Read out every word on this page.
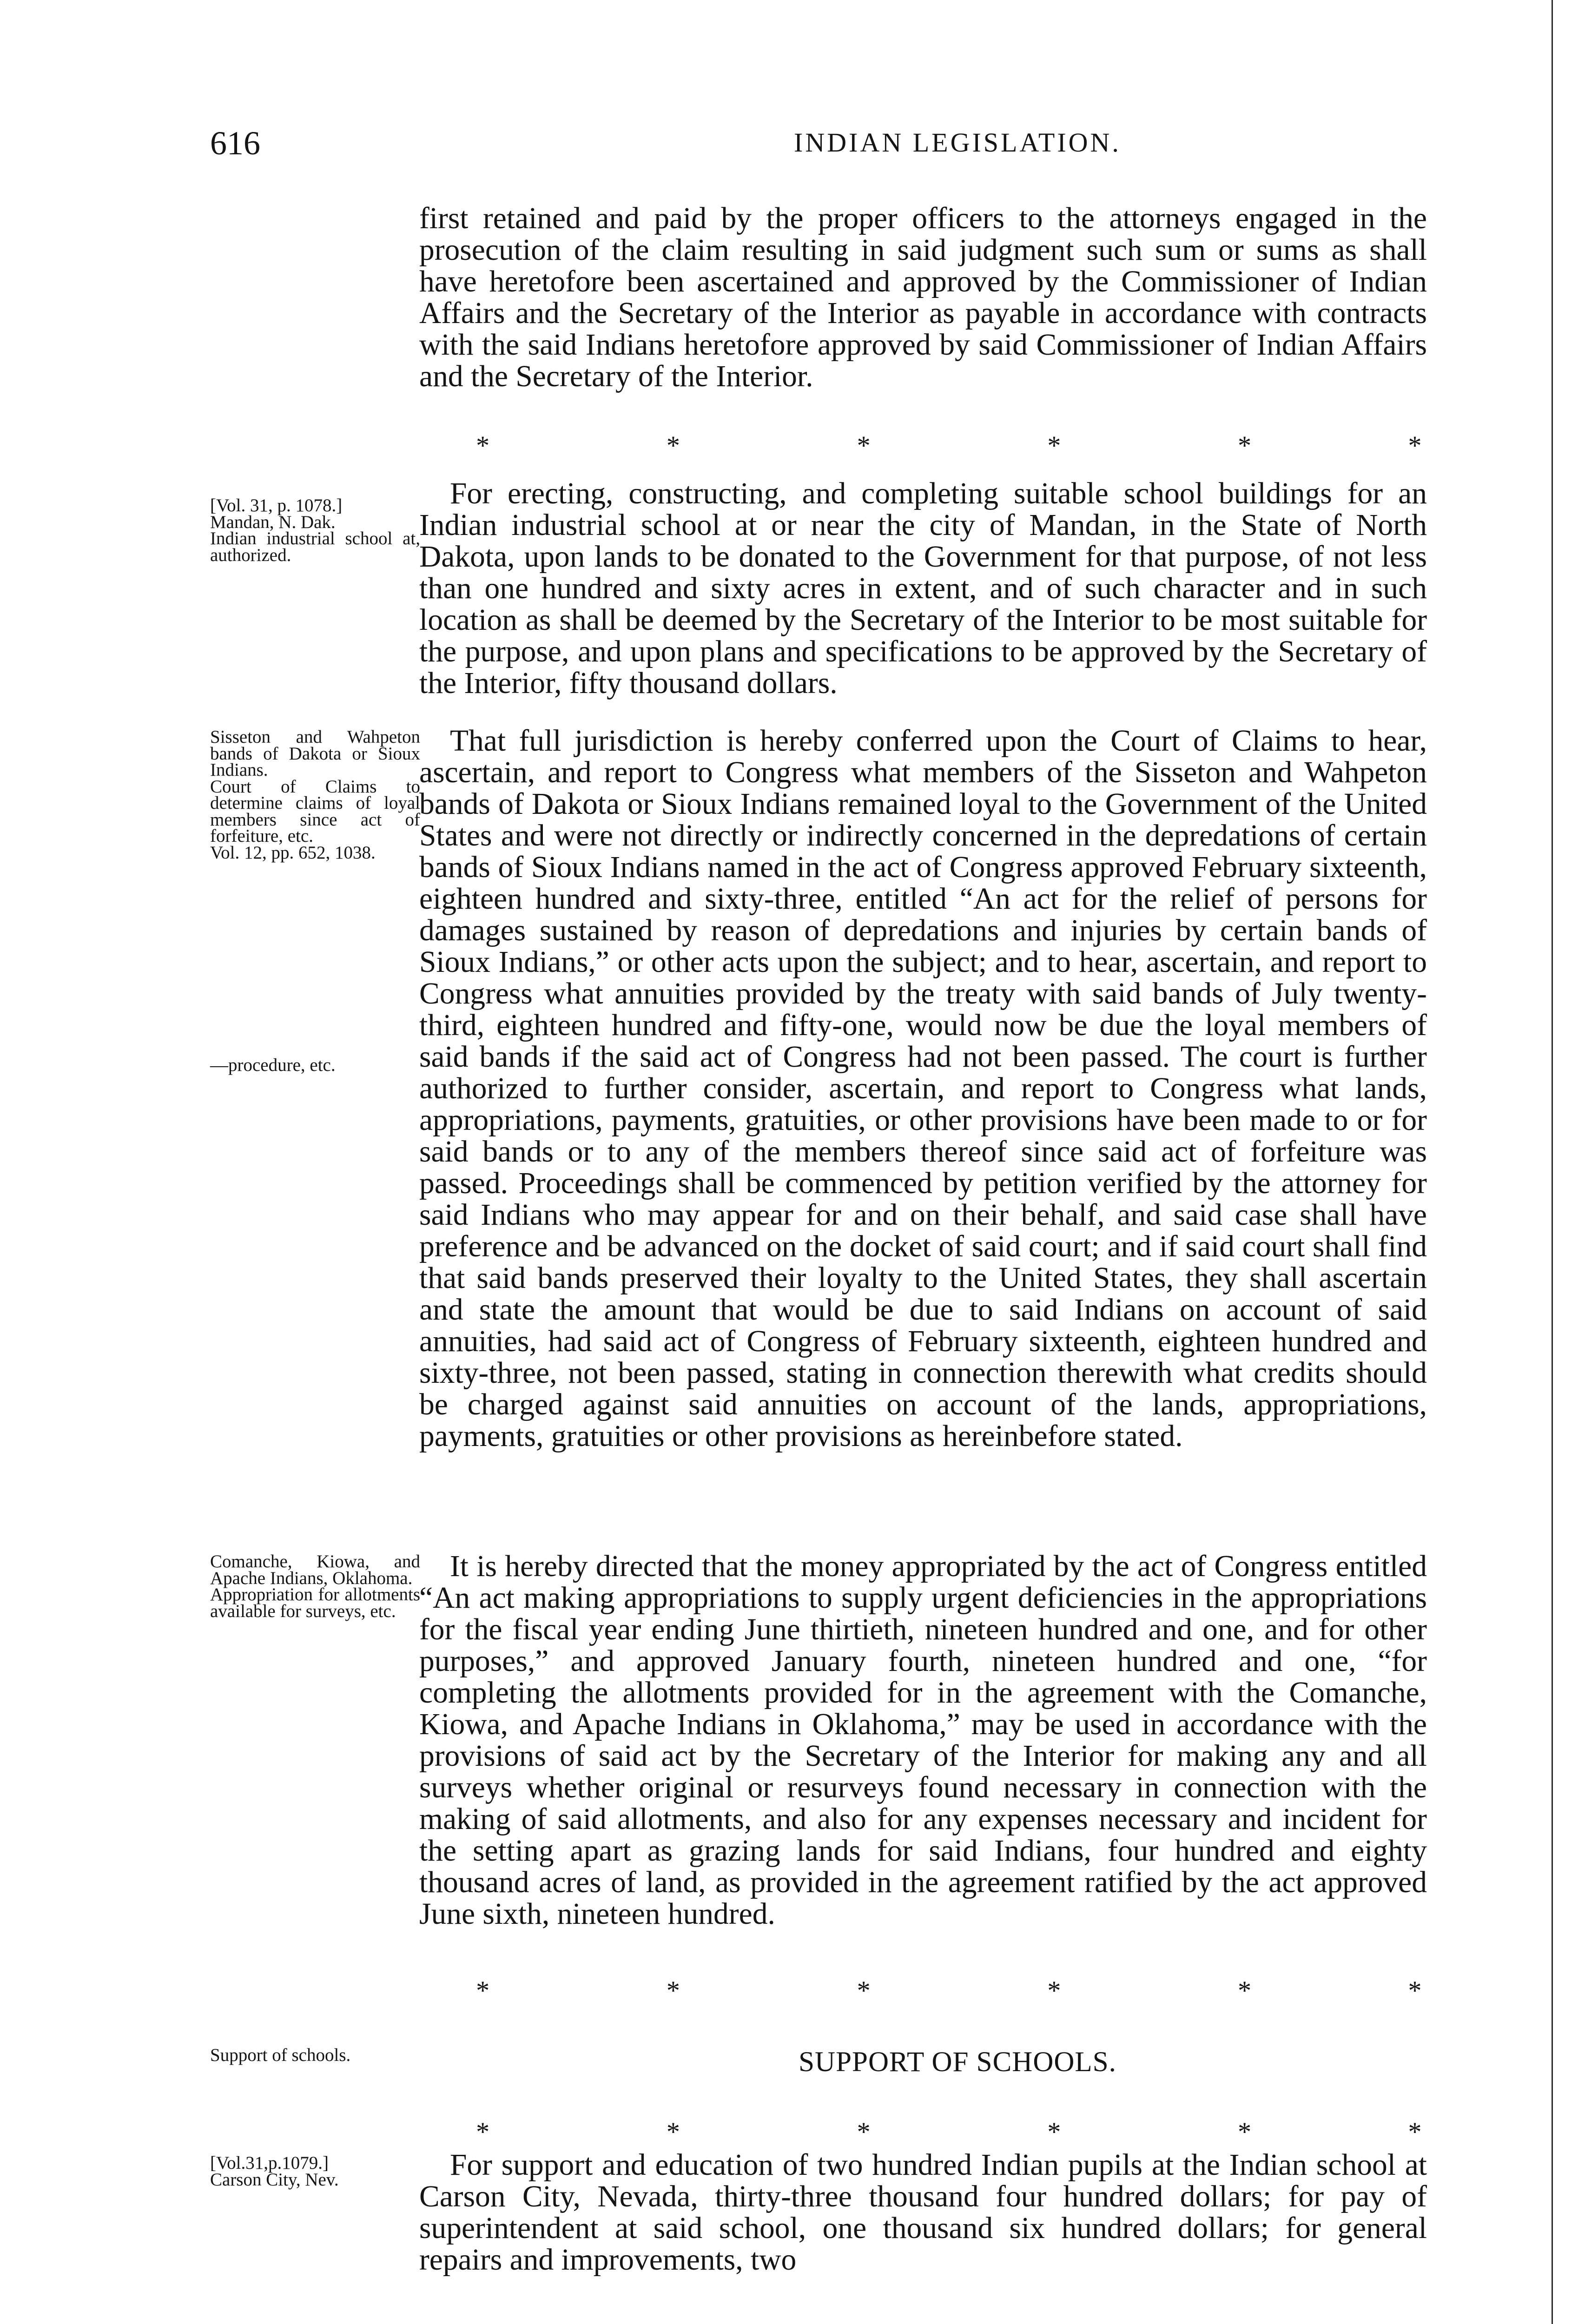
616	INDIAN LEGISLATION.

first retained and paid by the proper officers to the attorneys engaged in the prosecution of the claim resulting in said judgment such sum or sums as shall have heretofore been ascertained and approved by the Commissioner of Indian Affairs and the Secretary of the Interior as payable in accordance with contracts with the said Indians heretofore approved by said Commissioner of Indian Affairs and the Secretary of the Interior.

*	*	*	*	*	*
[Vol. 31, p. 1078.]
Mandan, N. Dak.
Indian industrial school at, authorized.

For erecting, constructing, and completing suitable school buildings for an Indian industrial school at or near the city of Mandan, in the State of North Dakota, upon lands to be donated to the Government for that purpose, of not less than one hundred and sixty acres in extent, and of such character and in such location as shall be deemed by the Secretary of the Interior to be most suitable for the purpose, and upon plans and specifications to be approved by the Secretary of the Interior, fifty thousand dollars.

Sisseton and Wahpeton bands of Dakota or Sioux Indians.
Court of Claims to determine claims of loyal members since act of forfeiture, etc.
Vol. 12, pp. 652, 1038.
—procedure, etc.

That full jurisdiction is hereby conferred upon the Court of Claims to hear, ascertain, and report to Congress what members of the Sisseton and Wahpeton bands of Dakota or Sioux Indians remained loyal to the Government of the United States and were not directly or indirectly concerned in the depredations of certain bands of Sioux Indians named in the act of Congress approved February sixteenth, eighteen hundred and sixty-three, entitled “An act for the relief of persons for damages sustained by reason of depredations and injuries by certain bands of Sioux Indians,” or other acts upon the subject; and to hear, ascertain, and report to Congress what annuities provided by the treaty with said bands of July twenty-third, eighteen hundred and fifty-one, would now be due the loyal members of said bands if the said act of Congress had not been passed. The court is further authorized to further consider, ascertain, and report to Congress what lands, appropriations, payments, gratuities, or other provisions have been made to or for said bands or to any of the members thereof since said act of forfeiture was passed. Proceedings shall be commenced by petition verified by the attorney for said Indians who may appear for and on their behalf, and said case shall have preference and be advanced on the docket of said court; and if said court shall find that said bands preserved their loyalty to the United States, they shall ascertain and state the amount that would be due to said Indians on account of said annuities, had said act of Congress of February sixteenth, eighteen hundred and sixty-three, not been passed, stating in connection therewith what credits should be charged against said annuities on account of the lands, appropriations, payments, gratuities or other provisions as hereinbefore stated.

Comanche, Kiowa, and Apache Indians, Oklahoma.
Appropriation for allotments available for surveys, etc.

It is hereby directed that the money appropriated by the act of Congress entitled “An act making appropriations to supply urgent deficiencies in the appropriations for the fiscal year ending June thirtieth, nineteen hundred and one, and for other purposes,” and approved January fourth, nineteen hundred and one, “for completing the allotments provided for in the agreement with the Comanche, Kiowa, and Apache Indians in Oklahoma,” may be used in accordance with the provisions of said act by the Secretary of the Interior for making any and all surveys whether original or resurveys found necessary in connection with the making of said allotments, and also for any expenses necessary and incident for the setting apart as grazing lands for said Indians, four hundred and eighty thousand acres of land, as provided in the agreement ratified by the act approved June sixth, nineteen hundred.

*	*	*	*	*	*
Support of schools.	SUPPORT OF SCHOOLS.
*	*	*	*	*	*
[Vol.31,p.1079.]
Carson City, Nev.	For support and education of two hundred Indian pupils at the Indian school at Carson City, Nevada, thirty-three thousand four hundred dollars; for pay of superintendent at said school, one thousand six hundred dollars; for general repairs and improvements, two
